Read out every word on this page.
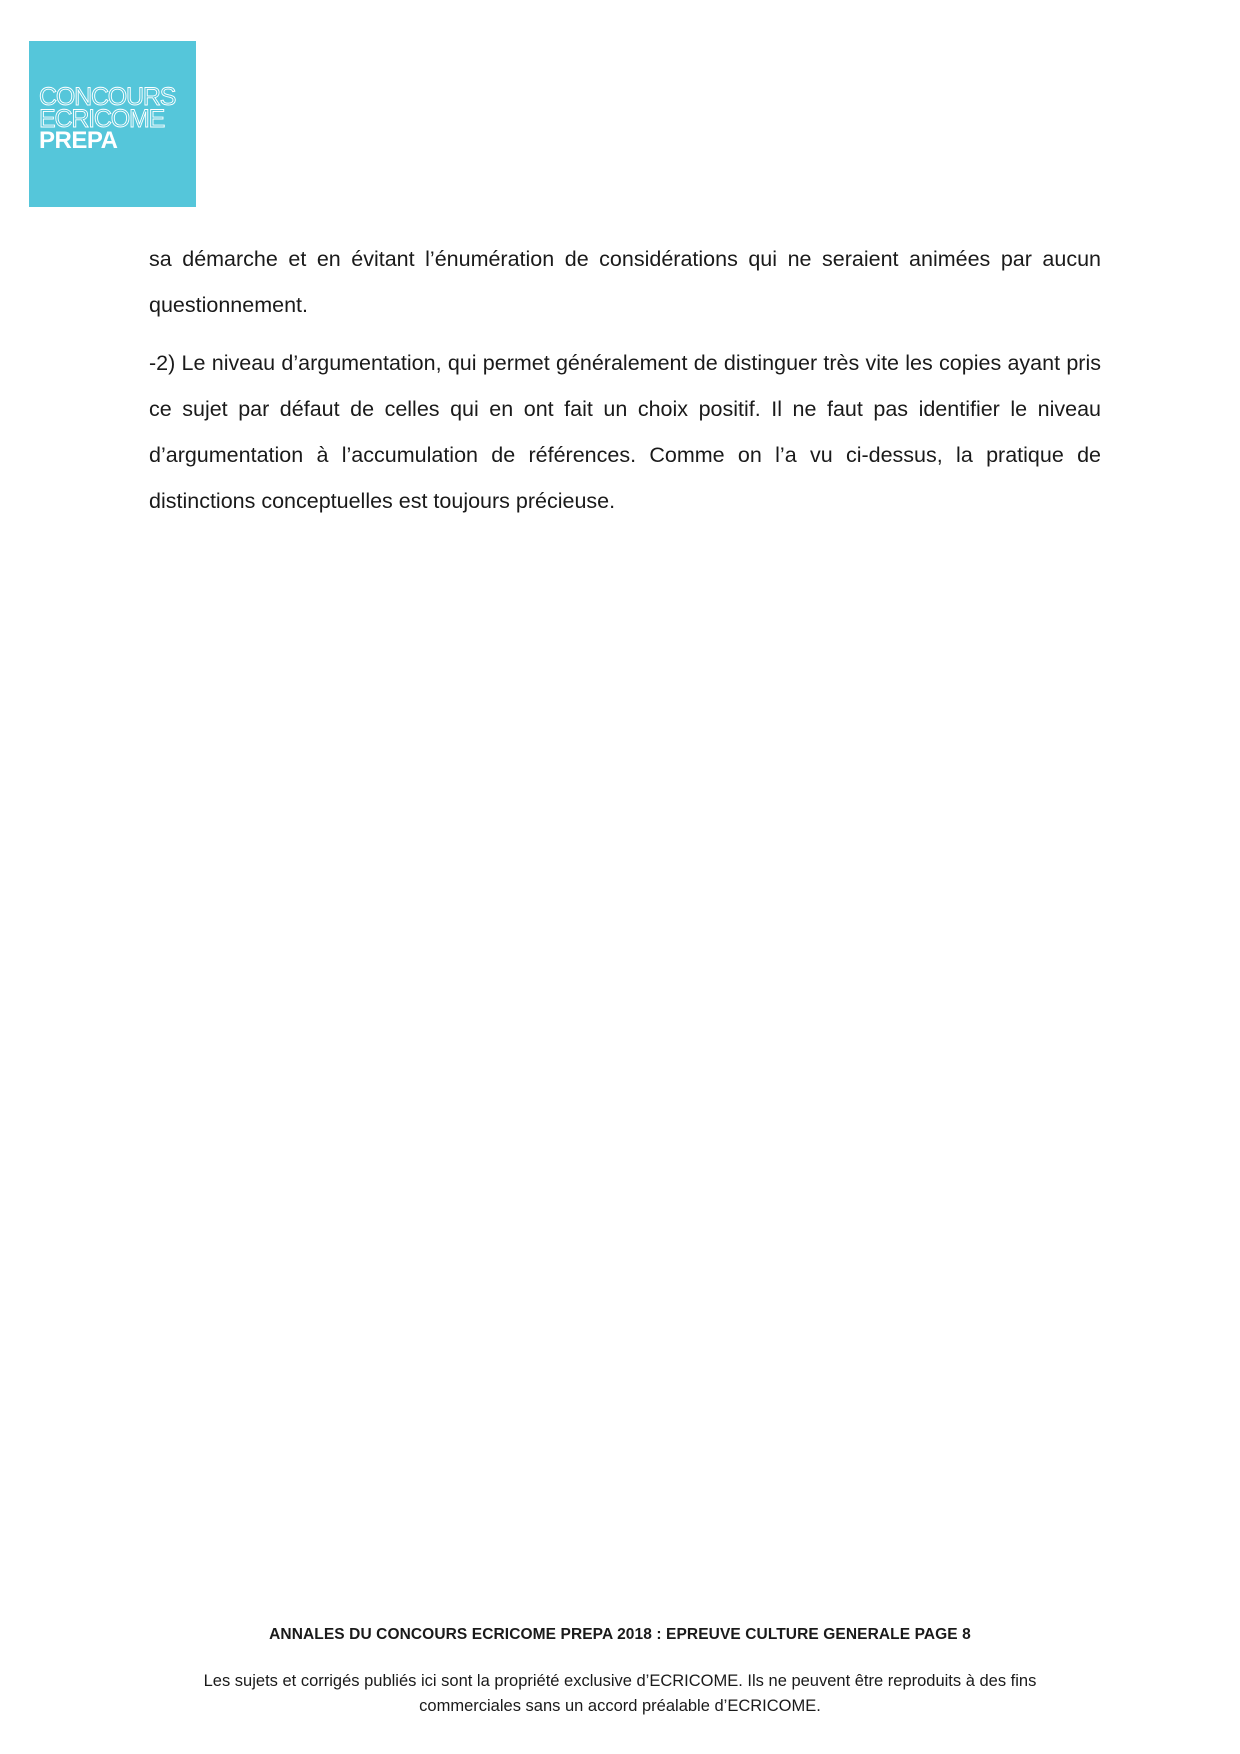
CONCOURS
ECRICOME
PREPA

sa démarche et en évitant l’énumération de considérations qui ne seraient animées par aucun questionnement.

-2) Le niveau d’argumentation, qui permet généralement de distinguer très vite les copies ayant pris ce sujet par défaut de celles qui en ont fait un choix positif. Il ne faut pas identifier le niveau d’argumentation à l’accumulation de références. Comme on l’a vu ci-dessus, la pratique de distinctions conceptuelles est toujours précieuse.

ANNALES DU CONCOURS ECRICOME PREPA 2018 : EPREUVE CULTURE GENERALE PAGE 8
Les sujets et corrigés publiés ici sont la propriété exclusive d’ECRICOME. Ils ne peuvent être reproduits à des fins commerciales sans un accord préalable d’ECRICOME.
